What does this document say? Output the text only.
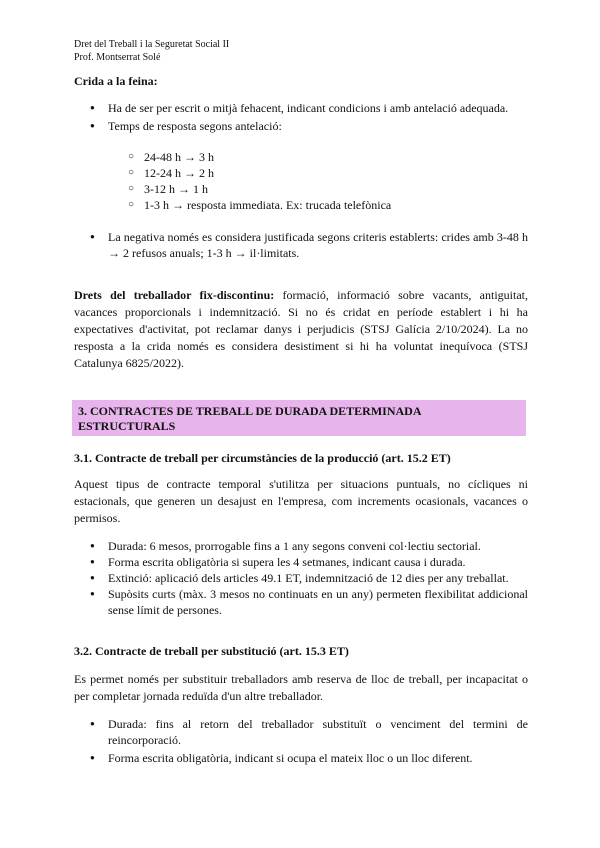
Dret del Treball i la Seguretat Social II
Prof. Montserrat Solé
Crida a la feina:
● Ha de ser per escrit o mitjà fehacent, indicant condicions i amb antelació adequada.
● Temps de resposta segons antelació:
○ 24-48 h → 3 h
○ 12-24 h → 2 h
○ 3-12 h → 1 h
○ 1-3 h → resposta immediata. Ex: trucada telefònica
● La negativa només es considera justificada segons criteris establerts: crides amb 3-48 h → 2 refusos anuals; 1-3 h → il·limitats.
Drets del treballador fix-discontinu: formació, informació sobre vacants, antiguitat, vacances proporcionals i indemnització. Si no és cridat en període establert i hi ha expectatives d'activitat, pot reclamar danys i perjudicis (STSJ Galícia 2/10/2024). La no resposta a la crida només es considera desistiment si hi ha voluntat inequívoca (STSJ Catalunya 6825/2022).
3. CONTRACTES DE TREBALL DE DURADA DETERMINADA ESTRUCTURALS
3.1. Contracte de treball per circumstàncies de la producció (art. 15.2 ET)
Aquest tipus de contracte temporal s'utilitza per situacions puntuals, no cícliques ni estacionals, que generen un desajust en l'empresa, com increments ocasionals, vacances o permisos.
● Durada: 6 mesos, prorrogable fins a 1 any segons conveni col·lectiu sectorial.
● Forma escrita obligatòria si supera les 4 setmanes, indicant causa i durada.
● Extinció: aplicació dels articles 49.1 ET, indemnització de 12 dies per any treballat.
● Supòsits curts (màx. 3 mesos no continuats en un any) permeten flexibilitat addicional sense límit de persones.
3.2. Contracte de treball per substitució (art. 15.3 ET)
Es permet només per substituir treballadors amb reserva de lloc de treball, per incapacitat o per completar jornada reduïda d'un altre treballador.
● Durada: fins al retorn del treballador substituït o venciment del termini de reincorporació.
● Forma escrita obligatòria, indicant si ocupa el mateix lloc o un lloc diferent.
